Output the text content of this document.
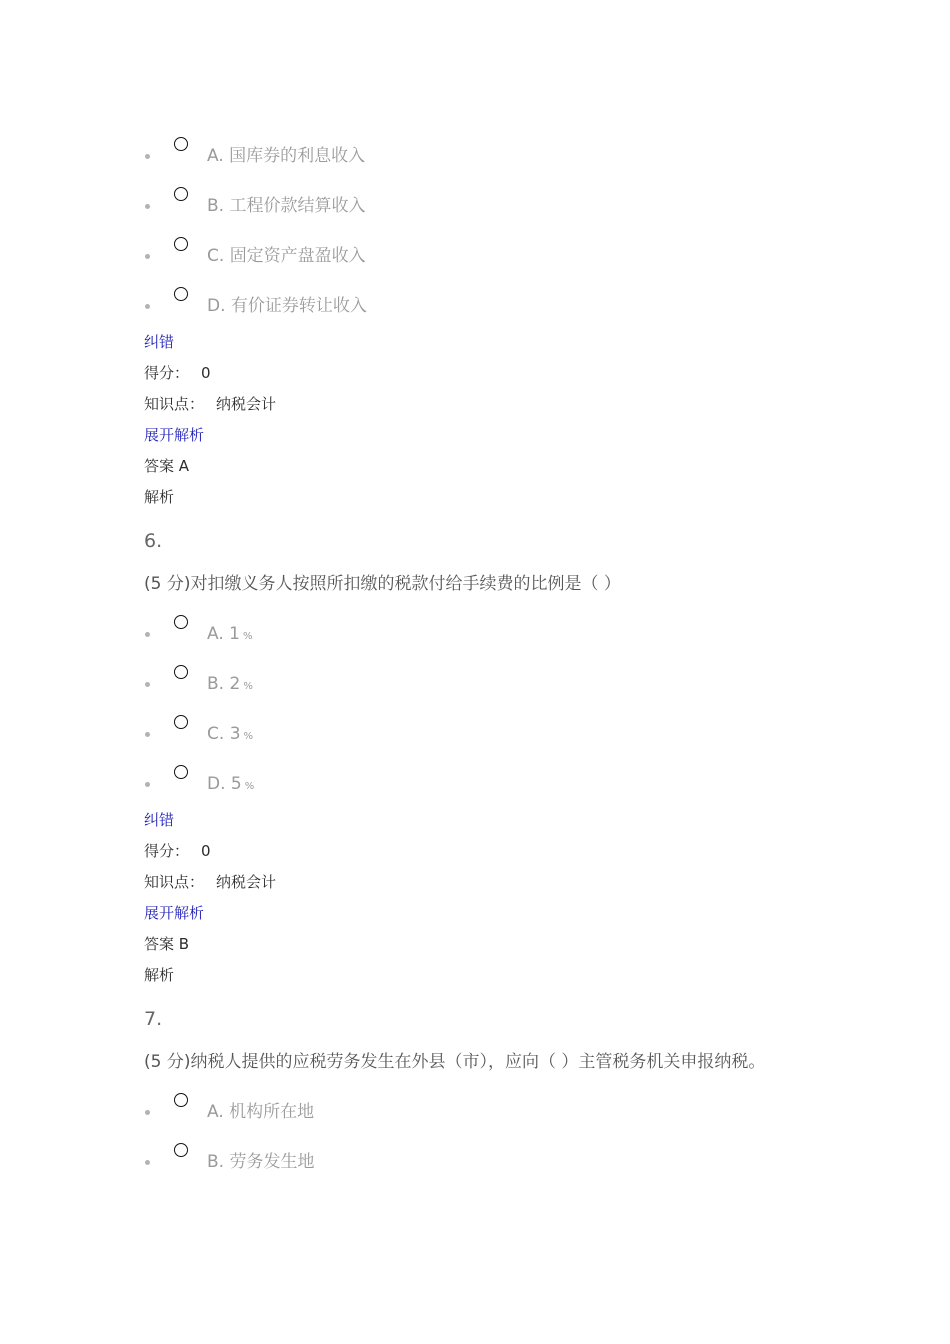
A. 国库券的利息收入
B. 工程价款结算收入
C. 固定资产盘盈收入
D. 有价证券转让收入
纠错
得分： 0
知识点： 纳税会计
展开解析
答案 A
解析
6.
(5 分)对扣缴义务人按照所扣缴的税款付给手续费的比例是（ ）
A. 1 %
B. 2 %
C. 3 %
D. 5 %
纠错
得分： 0
知识点： 纳税会计
展开解析
答案 B
解析
7.
(5 分)纳税人提供的应税劳务发生在外县（市），应向（ ）主管税务机关申报纳税。
A. 机构所在地
B. 劳务发生地
